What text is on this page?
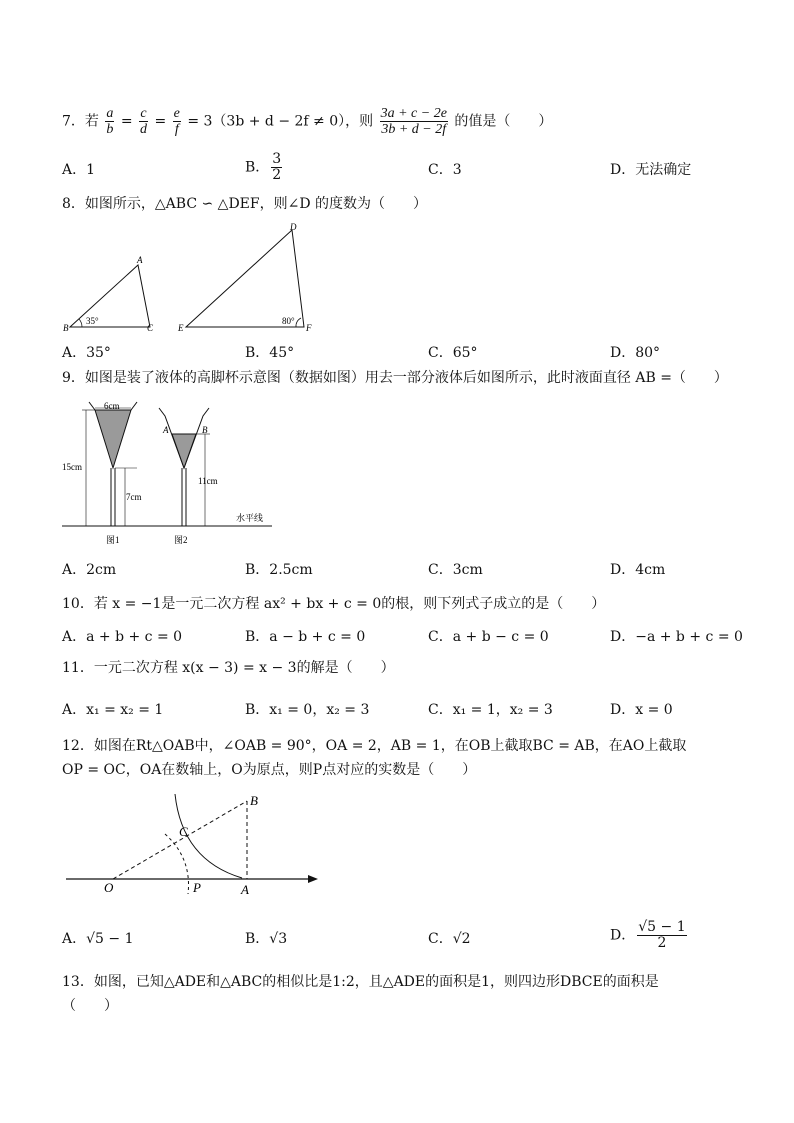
7．若 $\frac{a}{b} = \frac{c}{d} = \frac{e}{f} = 3(3b + d - 2f \ne 0)$，则 $\frac{3a + c - 2e}{3b + d - 2f}$ 的值是（　　）
A．1	B． $\frac{3}{2}$	C．3	D．无法确定
8．如图所示，△ABC ∽ △DEF，则∠D 的度数为（　　）
35°
A
B	C
80°
D
E	F
A．35°	B．45°	C．65°	D．80°
9．如图是装了液体的高脚杯示意图（数据如图）用去一部分液体后如图所示，此时液面直径 AB =（　　）
水平线
6cm
15cm
7cm
图1
A	B
11cm
图2
A．2cm	B．2.5cm	C．3cm	D．4cm
10．若 x = −1是一元二次方程 ax² + bx + c = 0的根，则下列式子成立的是（　　）
A．a + b + c = 0	B．a − b + c = 0	C．a + b − c = 0	D．−a + b + c = 0
11．一元二次方程 x(x − 3) = x − 3的解是（　　）
A．x₁ = x₂ = 1	B．x₁ = 0，x₂ = 3	C．x₁ = 1，x₂ = 3	D．x = 0
12．如图在Rt△OAB中，∠OAB = 90°，OA = 2，AB = 1，在OB上截取BC = AB，在AO上截取
OP = OC，OA在数轴上，O为原点，则P点对应的实数是（　　）
O	P	A
B
C
A．√5 − 1	B．√3	C．√2	D． $\frac{√5 - 1}{2}$
13．如图，已知△ADE和△ABC的相似比是1:2，且△ADE的面积是1，则四边形DBCE的面积是
（　　）
